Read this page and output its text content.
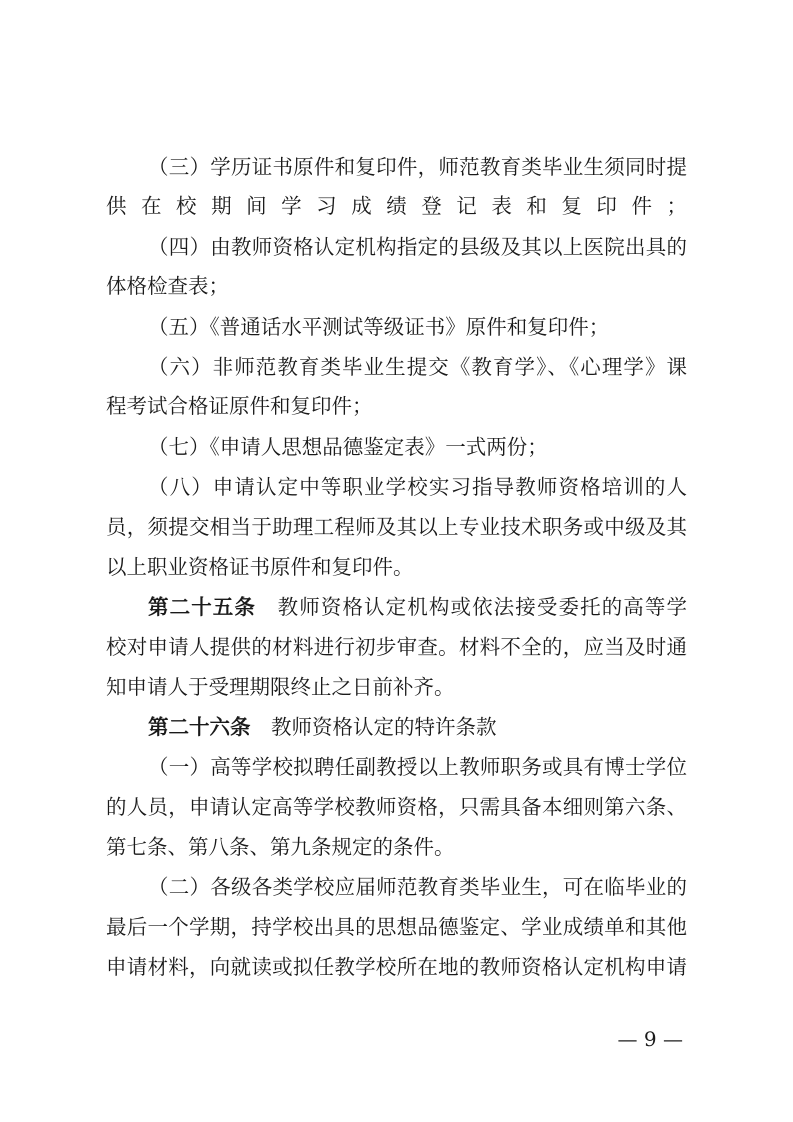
（三）学历证书原件和复印件，师范教育类毕业生须同时提
供在校期间学习成绩登记表和复印件；
（四）由教师资格认定机构指定的县级及其以上医院出具的
体格检查表；
（五）《普通话水平测试等级证书》原件和复印件；
（六）非师范教育类毕业生提交《教育学》、《心理学》课
程考试合格证原件和复印件；
（七）《申请人思想品德鉴定表》一式两份；
（八）申请认定中等职业学校实习指导教师资格培训的人
员，须提交相当于助理工程师及其以上专业技术职务或中级及其
以上职业资格证书原件和复印件。
第二十五条　教师资格认定机构或依法接受委托的高等学
校对申请人提供的材料进行初步审查。材料不全的，应当及时通
知申请人于受理期限终止之日前补齐。
第二十六条　教师资格认定的特许条款
（一）高等学校拟聘任副教授以上教师职务或具有博士学位
的人员，申请认定高等学校教师资格，只需具备本细则第六条、
第七条、第八条、第九条规定的条件。
（二）各级各类学校应届师范教育类毕业生，可在临毕业的
最后一个学期，持学校出具的思想品德鉴定、学业成绩单和其他
申请材料，向就读或拟任教学校所在地的教师资格认定机构申请
— 9 —
